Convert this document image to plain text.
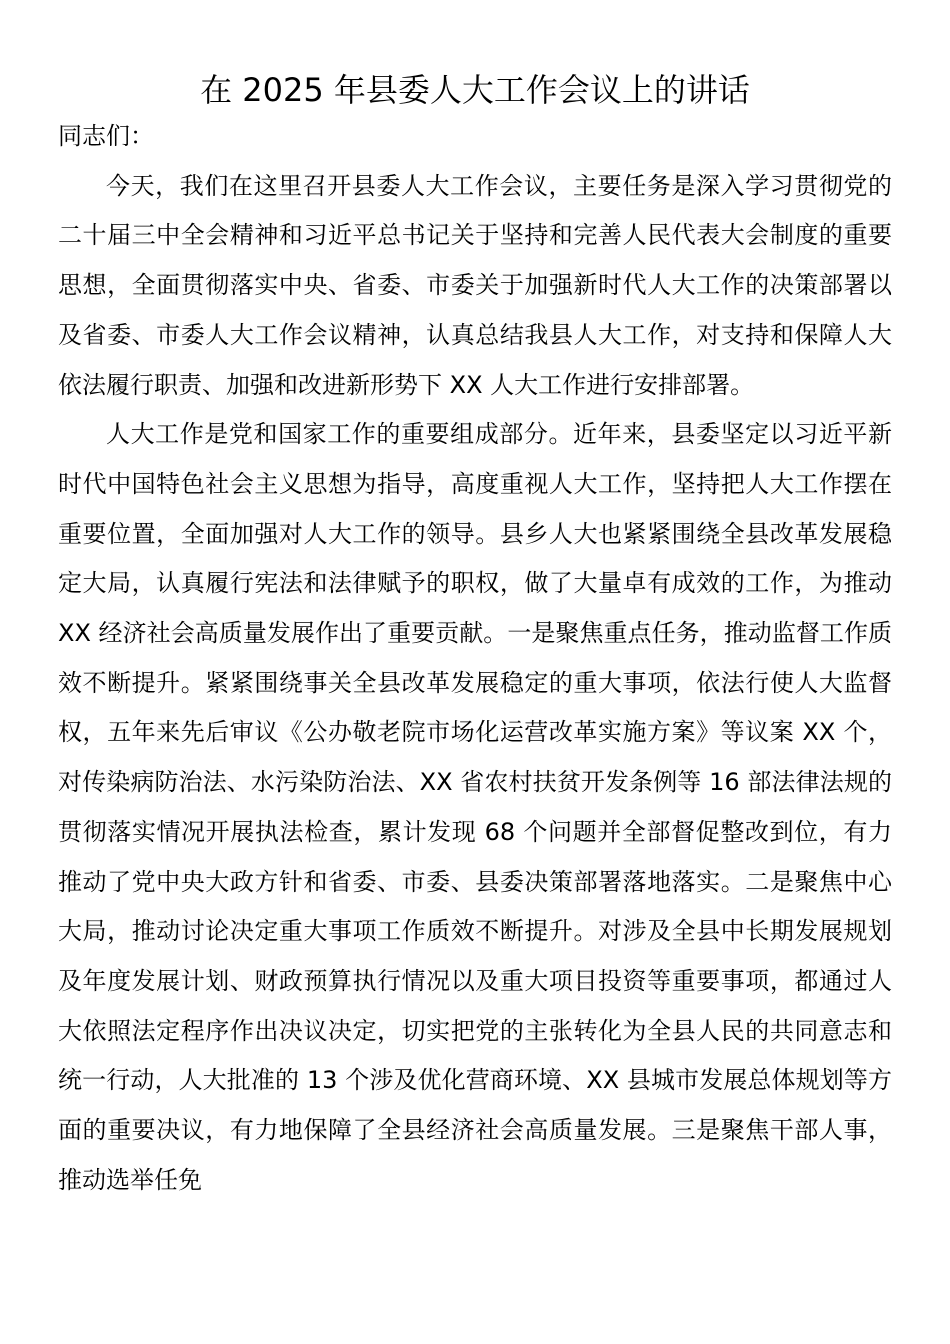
在 2025 年县委人大工作会议上的讲话

同志们：

今天，我们在这里召开县委人大工作会议，主要任务是深入学习贯彻党的二十届三中全会精神和习近平总书记关于坚持和完善人民代表大会制度的重要思想，全面贯彻落实中央、省委、市委关于加强新时代人大工作的决策部署以及省委、市委人大工作会议精神，认真总结我县人大工作，对支持和保障人大依法履行职责、加强和改进新形势下 XX 人大工作进行安排部署。

人大工作是党和国家工作的重要组成部分。近年来，县委坚定以习近平新时代中国特色社会主义思想为指导，高度重视人大工作，坚持把人大工作摆在重要位置，全面加强对人大工作的领导。县乡人大也紧紧围绕全县改革发展稳定大局，认真履行宪法和法律赋予的职权，做了大量卓有成效的工作，为推动 XX 经济社会高质量发展作出了重要贡献。一是聚焦重点任务，推动监督工作质效不断提升。紧紧围绕事关全县改革发展稳定的重大事项，依法行使人大监督权，五年来先后审议《公办敬老院市场化运营改革实施方案》等议案 XX 个，对传染病防治法、水污染防治法、XX 省农村扶贫开发条例等 16 部法律法规的贯彻落实情况开展执法检查，累计发现 68 个问题并全部督促整改到位，有力推动了党中央大政方针和省委、市委、县委决策部署落地落实。二是聚焦中心大局，推动讨论决定重大事项工作质效不断提升。对涉及全县中长期发展规划及年度发展计划、财政预算执行情况以及重大项目投资等重要事项，都通过人大依照法定程序作出决议决定，切实把党的主张转化为全县人民的共同意志和统一行动，人大批准的 13 个涉及优化营商环境、XX 县城市发展总体规划等方面的重要决议，有力地保障了全县经济社会高质量发展。三是聚焦干部人事，推动选举任免
